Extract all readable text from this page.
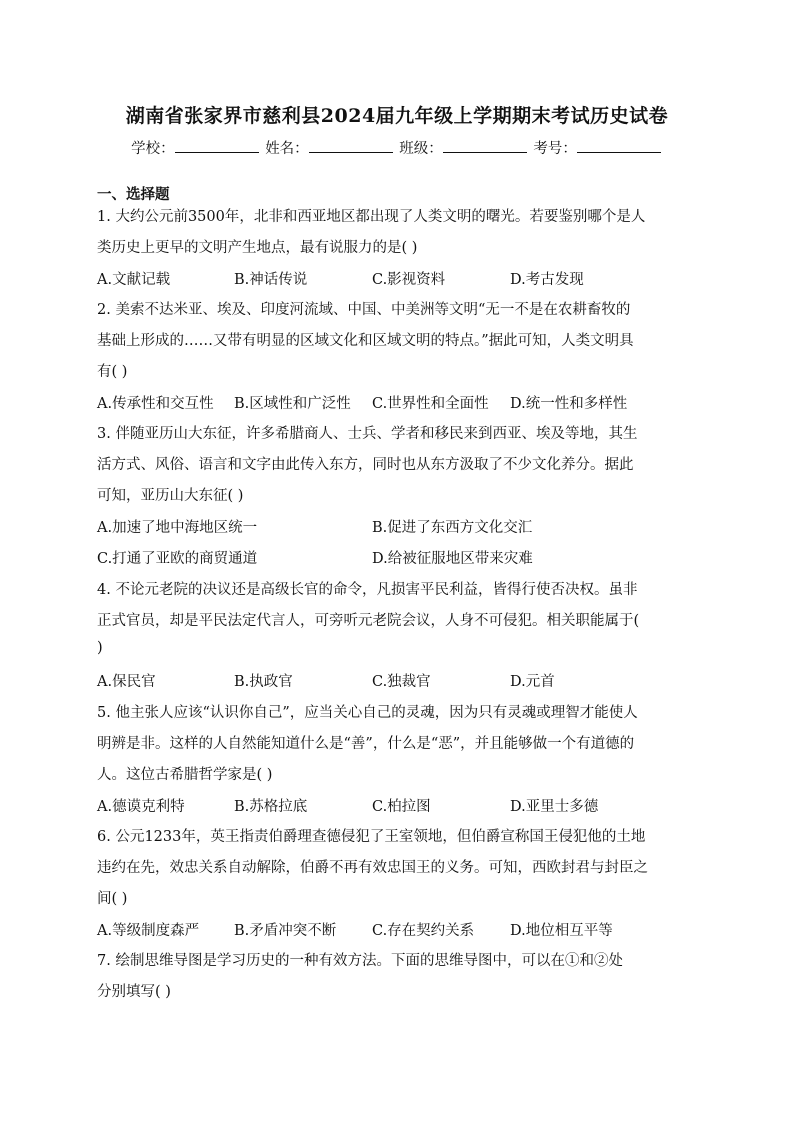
湖南省张家界市慈利县2024届九年级上学期期末考试历史试卷
学校：	姓名：	班级：	考号：
一、选择题
1. 大约公元前3500年，北非和西亚地区都出现了人类文明的曙光。若要鉴别哪个是人
类历史上更早的文明产生地点，最有说服力的是( )
A.文献记载	B.神话传说	C.影视资料	D.考古发现
2. 美索不达米亚、埃及、印度河流域、中国、中美洲等文明“无一不是在农耕畜牧的
基础上形成的……又带有明显的区域文化和区域文明的特点。”据此可知，人类文明具
有( )
A.传承性和交互性 B.区域性和广泛性 C.世界性和全面性 D.统一性和多样性
3. 伴随亚历山大东征，许多希腊商人、士兵、学者和移民来到西亚、埃及等地，其生
活方式、风俗、语言和文字由此传入东方，同时也从东方汲取了不少文化养分。据此
可知，亚历山大东征( )
A.加速了地中海地区统一	B.促进了东西方文化交汇
C.打通了亚欧的商贸通道	D.给被征服地区带来灾难
4. 不论元老院的决议还是高级长官的命令，凡损害平民利益，皆得行使否决权。虽非
正式官员，却是平民法定代言人，可旁听元老院会议，人身不可侵犯。相关职能属于(
)
A.保民官	B.执政官	C.独裁官	D.元首
5. 他主张人应该“认识你自己”，应当关心自己的灵魂，因为只有灵魂或理智才能使人
明辨是非。这样的人自然能知道什么是“善”，什么是“恶”，并且能够做一个有道德的
人。这位古希腊哲学家是( )
A.德谟克利特	B.苏格拉底	C.柏拉图	D.亚里士多德
6. 公元1233年，英王指责伯爵理查德侵犯了王室领地，但伯爵宣称国王侵犯他的土地
违约在先，效忠关系自动解除，伯爵不再有效忠国王的义务。可知，西欧封君与封臣之
间( )
A.等级制度森严 B.矛盾冲突不断 C.存在契约关系 D.地位相互平等
7. 绘制思维导图是学习历史的一种有效方法。下面的思维导图中，可以在①和②处
分别填写( )
